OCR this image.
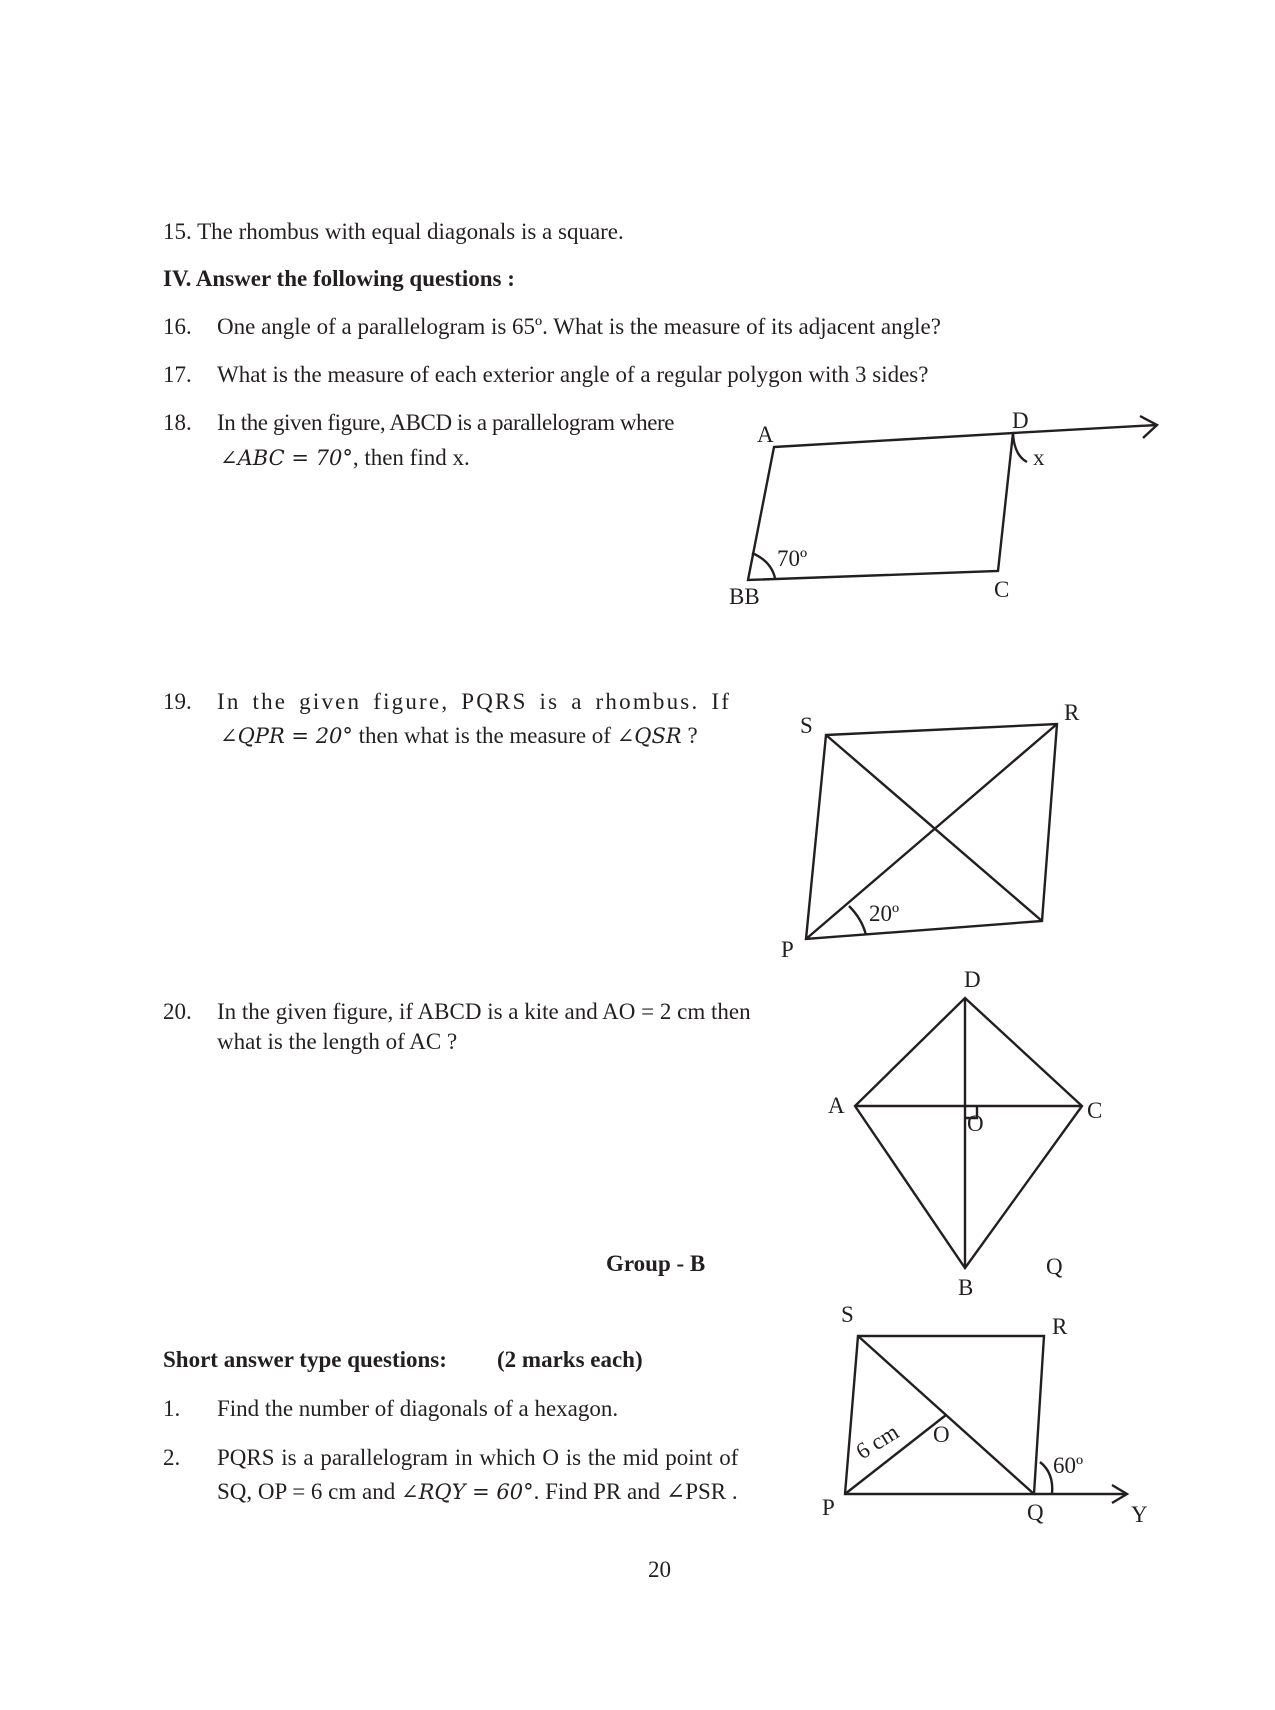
15. The rhombus with equal diagonals is a square.
IV. Answer the following questions :
16. One angle of a parallelogram is 65º. What is the measure of its adjacent angle?
17. What is the measure of each exterior angle of a regular polygon with 3 sides?
18. In the given figure, ABCD is a parallelogram where
∠ABC = 70°, then find x.
A
D
x
70º
BB	C
19. In the given figure, PQRS is a rhombus. If
∠QPR = 20° then what is the measure of ∠QSR ?	S
R
P
20º
20. In the given figure, if ABCD is a kite and AO = 2 cm then
what is the length of AC ?
D
A	C
O
B
Group - B
Short answer type questions: (2 marks each)
1. Find the number of diagonals of a hexagon.
2. PQRS is a parallelogram in which O is the mid point of
SQ, OP = 6 cm and ∠RQY = 60°. Find PR and ∠PSR .
Q
S	R
O
6 cm
60º
P	Q	Y
20
